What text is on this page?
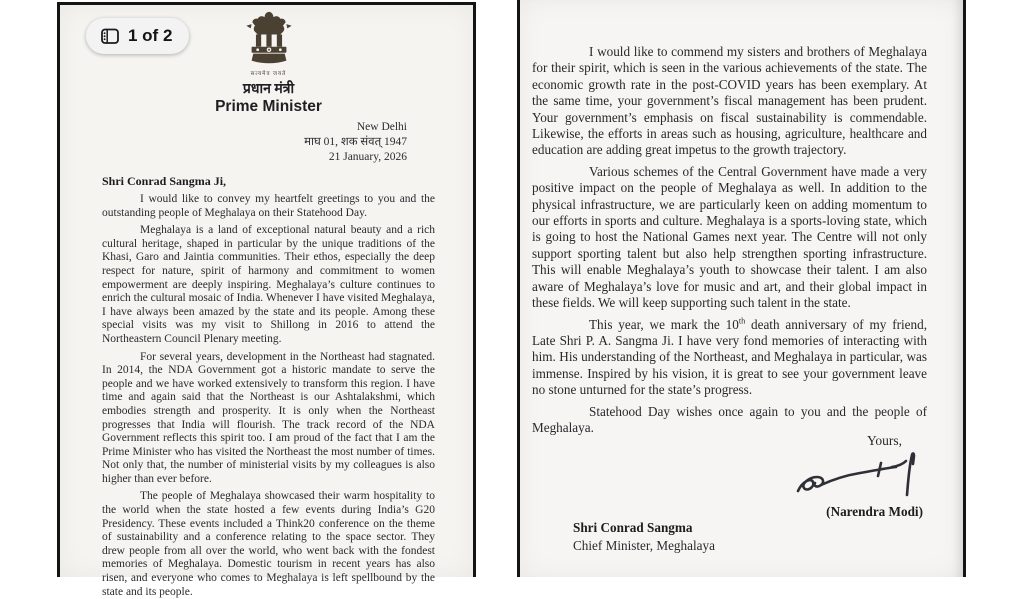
सत्यमेव जयते
प्रधान मंत्री
Prime Minister
New Delhi
माघ 01, शक संवत् 1947
21 January, 2026
Shri Conrad Sangma Ji,

I would like to convey my heartfelt greetings to you and the outstanding people of Meghalaya on their Statehood Day.

Meghalaya is a land of exceptional natural beauty and a rich cultural heritage, shaped in particular by the unique traditions of the Khasi, Garo and Jaintia communities. Their ethos, especially the deep respect for nature, spirit of harmony and commitment to women empowerment are deeply inspiring. Meghalaya’s culture continues to enrich the cultural mosaic of India. Whenever I have visited Meghalaya, I have always been amazed by the state and its people. Among these special visits was my visit to Shillong in 2016 to attend the Northeastern Council Plenary meeting.

For several years, development in the Northeast had stagnated. In 2014, the NDA Government got a historic mandate to serve the people and we have worked extensively to transform this region. I have time and again said that the Northeast is our Ashtalakshmi, which embodies strength and prosperity. It is only when the Northeast progresses that India will flourish. The track record of the NDA Government reflects this spirit too. I am proud of the fact that I am the Prime Minister who has visited the Northeast the most number of times. Not only that, the number of ministerial visits by my colleagues is also higher than ever before.

The people of Meghalaya showcased their warm hospitality to the world when the state hosted a few events during India’s G20 Presidency. These events included a Think20 conference on the theme of sustainability and a conference relating to the space sector. They drew people from all over the world, who went back with the fondest memories of Meghalaya. Domestic tourism in recent years has also risen, and everyone who comes to Meghalaya is left spellbound by the state and its people.

I would like to commend my sisters and brothers of Meghalaya for their spirit, which is seen in the various achievements of the state. The economic growth rate in the post-COVID years has been exemplary. At the same time, your government’s fiscal management has been prudent. Your government’s emphasis on fiscal sustainability is commendable. Likewise, the efforts in areas such as housing, agriculture, healthcare and education are adding great impetus to the growth trajectory.

Various schemes of the Central Government have made a very positive impact on the people of Meghalaya as well. In addition to the physical infrastructure, we are particularly keen on adding momentum to our efforts in sports and culture. Meghalaya is a sports-loving state, which is going to host the National Games next year. The Centre will not only support sporting talent but also help strengthen sporting infrastructure. This will enable Meghalaya’s youth to showcase their talent. I am also aware of Meghalaya’s love for music and art, and their global impact in these fields. We will keep supporting such talent in the state.

This year, we mark the 10th death anniversary of my friend, Late Shri P. A. Sangma Ji. I have very fond memories of interacting with him. His understanding of the Northeast, and Meghalaya in particular, was immense. Inspired by his vision, it is great to see your government leave no stone unturned for the state’s progress.

Statehood Day wishes once again to you and the people of Meghalaya.

Yours,
(Narendra Modi)
Shri Conrad Sangma
Chief Minister, Meghalaya
1 of 2
